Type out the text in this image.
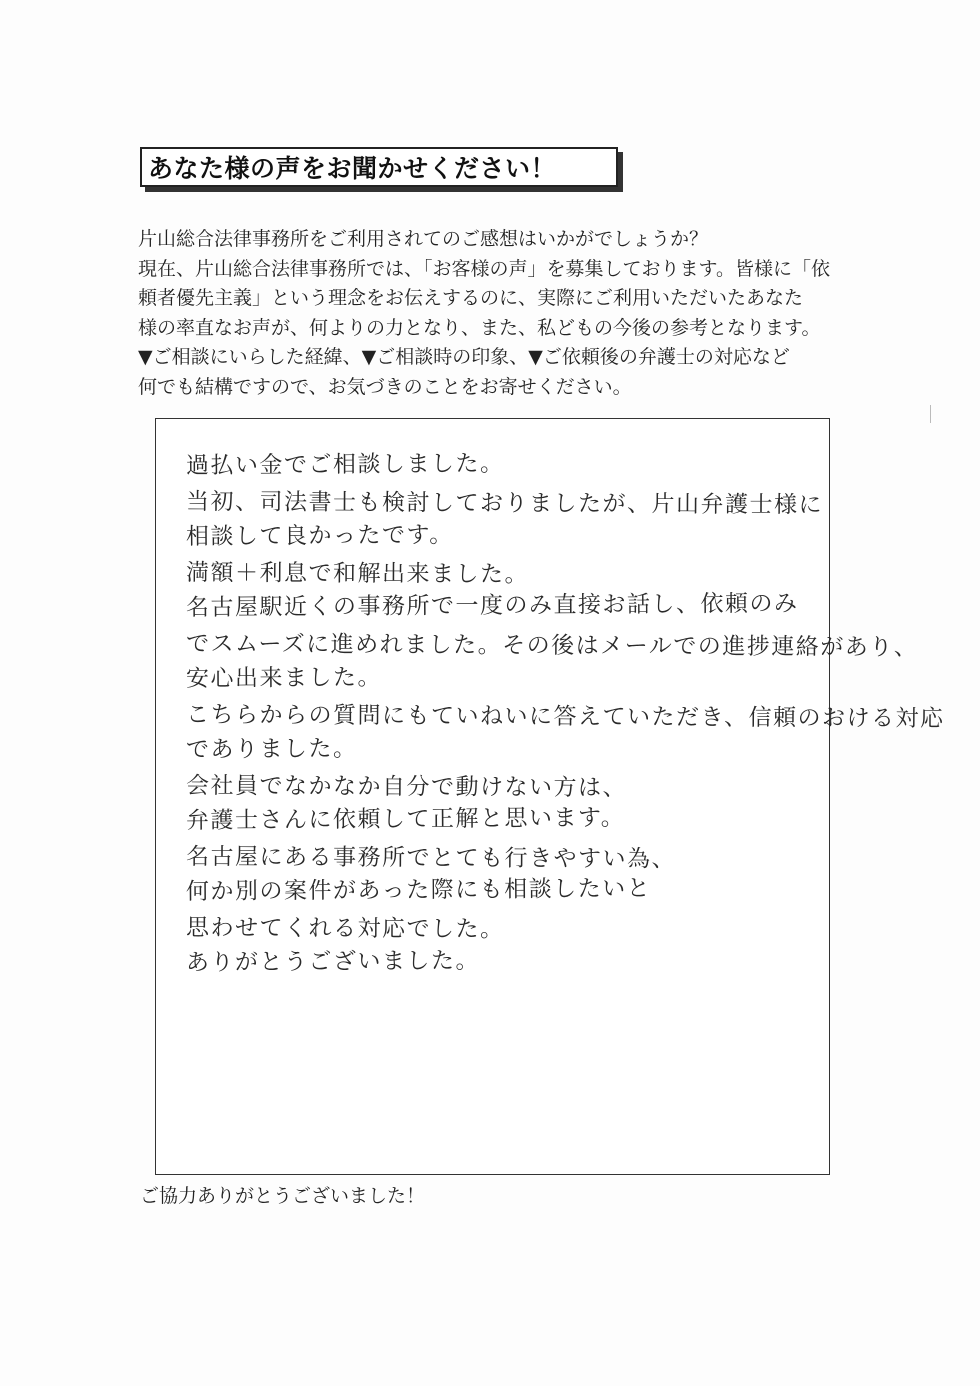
あなた様の声をお聞かせください！
片山総合法律事務所をご利用されてのご感想はいかがでしょうか？
現在、片山総合法律事務所では、「お客様の声」を募集しております。皆様に「依
頼者優先主義」という理念をお伝えするのに、実際にご利用いただいたあなた
様の率直なお声が、何よりの力となり、また、私どもの今後の参考となります。
▼ご相談にいらした経緯、▼ご相談時の印象、▼ご依頼後の弁護士の対応など
何でも結構ですので、お気づきのことをお寄せください。
過払い金でご相談しました。
当初、司法書士も検討しておりましたが、片山弁護士様に
相談して良かったです。
満額＋利息で和解出来ました。
名古屋駅近くの事務所で一度のみ直接お話し、依頼のみ
でスムーズに進めれました。その後はメールでの進捗連絡があり、
安心出来ました。
こちらからの質問にもていねいに答えていただき、信頼のおける対応
でありました。
会社員でなかなか自分で動けない方は、
弁護士さんに依頼して正解と思います。
名古屋にある事務所でとても行きやすい為、
何か別の案件があった際にも相談したいと
思わせてくれる対応でした。
ありがとうございました。
ご協力ありがとうございました！
